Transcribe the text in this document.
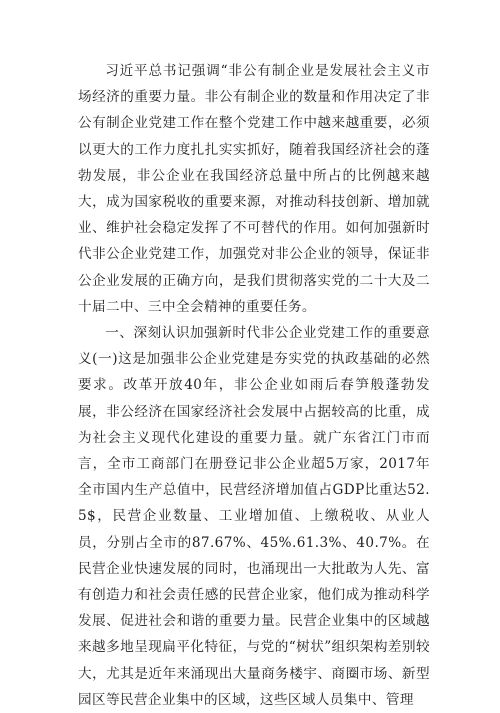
习近平总书记强调“非公有制企业是发展社会主义市场经济的重要力量。非公有制企业的数量和作用决定了非公有制企业党建工作在整个党建工作中越来越重要，必须以更大的工作力度扎扎实实抓好，随着我国经济社会的蓬勃发展，非公企业在我国经济总量中所占的比例越来越大，成为国家税收的重要来源，对推动科技创新、增加就业、维护社会稳定发挥了不可替代的作用。如何加强新时代非公企业党建工作，加强党对非公企业的领导，保证非公企业发展的正确方向，是我们贯彻落实党的二十大及二十届二中、三中全会精神的重要任务。

一、深刻认识加强新时代非公企业党建工作的重要意义(一)这是加强非公企业党建是夯实党的执政基础的必然要求。改革开放40年，非公企业如雨后春笋般蓬勃发展，非公经济在国家经济社会发展中占据较高的比重，成为社会主义现代化建设的重要力量。就广东省江门市而言，全市工商部门在册登记非公企业超5万家，2017年全市国内生产总值中，民营经济增加值占GDP比重达52.5$，民营企业数量、工业增加值、上缴税收、从业人员，分别占全市的87.67%、45%.61.3%、40.7%。在民营企业快速发展的同时，也涌现出一大批敢为人先、富有创造力和社会责任感的民营企业家，他们成为推动科学发展、促进社会和谐的重要力量。民营企业集中的区域越来越多地呈现扁平化特征，与党的“树状”组织架构差别较大，尤其是近年来涌现出大量商务楼宇、商圈市场、新型园区等民营企业集中的区域，这些区域人员集中、管理
